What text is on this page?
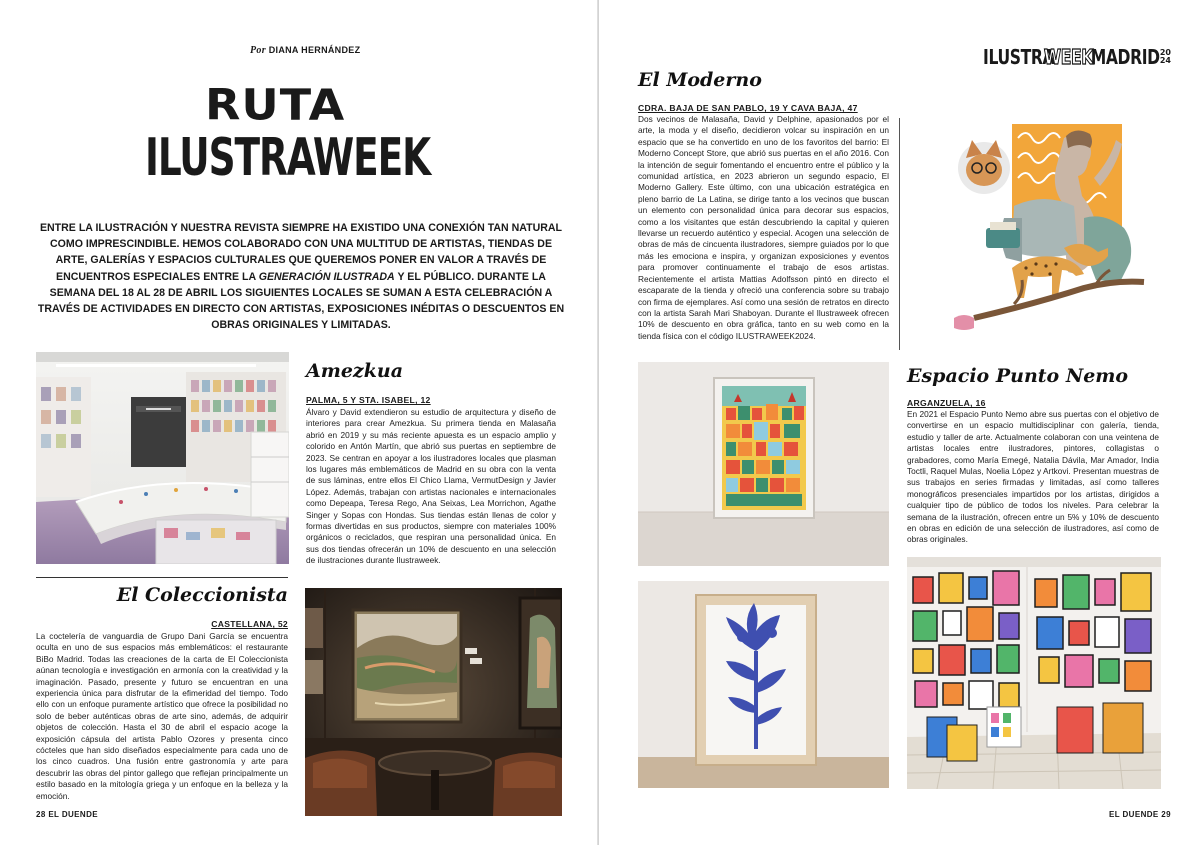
Por DIANA HERNÁNDEZ
RUTA
ILUSTRAWEEK
ENTRE LA ILUSTRACIÓN Y NUESTRA REVISTA SIEMPRE HA EXISTIDO UNA CONEXIÓN TAN NATURAL COMO IMPRESCINDIBLE. HEMOS COLABORADO CON UNA MULTITUD DE ARTISTAS, TIENDAS DE ARTE, GALERÍAS Y ESPACIOS CULTURALES QUE QUEREMOS PONER EN VALOR A TRAVÉS DE ENCUENTROS ESPECIALES ENTRE LA GENERACIÓN ILUSTRADA Y EL PÚBLICO. DURANTE LA SEMANA DEL 18 AL 28 DE ABRIL LOS SIGUIENTES LOCALES SE SUMAN A ESTA CELEBRACIÓN A TRAVÉS DE ACTIVIDADES EN DIRECTO CON ARTISTAS, EXPOSICIONES INÉDITAS O DESCUENTOS EN OBRAS ORIGINALES Y LIMITADAS.
Amezkua
PALMA, 5 Y STA. ISABEL, 12
Álvaro y David extendieron su estudio de arquitectura y diseño de interiores para crear Amezkua. Su primera tienda en Malasaña abrió en 2019 y su más reciente apuesta es un espacio amplio y colorido en Antón Martín, que abrió sus puertas en septiembre de 2023. Se centran en apoyar a los ilustradores locales que plasman los lugares más emblemáticos de Madrid en su obra con la venta de sus láminas, entre ellos El Chico Llama, VermutDesign y Javier López. Además, trabajan con artistas nacionales e internacionales como Depeapa, Teresa Rego, Ana Seixas, Lea Morrichon, Agathe Singer y Sopas con Hondas. Sus tiendas están llenas de color y formas divertidas en sus productos, siempre con materiales 100% orgánicos o reciclados, que respiran una personalidad única. En sus dos tiendas ofrecerán un 10% de descuento en una selección de ilustraciones durante Ilustraweek.
El Coleccionista
CASTELLANA, 52
La coctelería de vanguardia de Grupo Dani García se encuentra oculta en uno de sus espacios más emblemáticos: el restaurante BiBo Madrid. Todas las creaciones de la carta de El Coleccionista aúnan tecnología e investigación en armonía con la creatividad y la imaginación. Pasado, presente y futuro se encuentran en una experiencia única para disfrutar de la efimeridad del tiempo. Todo ello con un enfoque puramente artístico que ofrece la posibilidad no solo de beber auténticas obras de arte sino, además, de adquirir objetos de colección. Hasta el 30 de abril el espacio acoge la exposición cápsula del artista Pablo Ozores y presenta cinco cócteles que han sido diseñados especialmente para cada uno de los cinco cuadros. Una fusión entre gastronomía y arte para descubrir las obras del pintor gallego que reflejan principalmente un estilo basado en la mitología griega y un enfoque en la belleza y la emoción.
28 EL DUENDE
ILUSTRA
WEEK
MADRID 20
24
El Moderno
CDRA. BAJA DE SAN PABLO, 19 Y CAVA BAJA, 47
Dos vecinos de Malasaña, David y Delphine, apasionados por el arte, la moda y el diseño, decidieron volcar su inspiración en un espacio que se ha convertido en uno de los favoritos del barrio: El Moderno Concept Store, que abrió sus puertas en el año 2016. Con la intención de seguir fomentando el encuentro entre el público y la comunidad artística, en 2023 abrieron un segundo espacio, El Moderno Gallery. Este último, con una ubicación estratégica en pleno barrio de La Latina, se dirige tanto a los vecinos que buscan un elemento con personalidad única para decorar sus espacios, como a los visitantes que están descubriendo la capital y quieren llevarse un recuerdo auténtico y especial. Acogen una selección de obras de más de cincuenta ilustradores, siempre guiados por lo que más les emociona e inspira, y organizan exposiciones y eventos para promover continuamente el trabajo de esos artistas. Recientemente el artista Mattias Adolfsson pintó en directo el escaparate de la tienda y ofreció una conferencia sobre su trabajo con firma de ejemplares. Así como una sesión de retratos en directo con la artista Sarah Mari Shaboyan. Durante el Ilustraweek ofrecen 10% de descuento en obra gráfica, tanto en su web como en la tienda física con el código ILUSTRAWEEK2024.
Espacio Punto Nemo
ARGANZUELA, 16
En 2021 el Espacio Punto Nemo abre sus puertas con el objetivo de convertirse en un espacio multidisciplinar con galería, tienda, estudio y taller de arte. Actualmente colaboran con una veintena de artistas locales entre ilustradores, pintores, collagistas o grabadores, como María Emegé, Natalia Dávila, Mar Amador, India Toctli, Raquel Mulas, Noelia López y Artkovi. Presentan muestras de sus trabajos en series firmadas y limitadas, así como talleres monográficos presenciales impartidos por los artistas, dirigidos a cualquier tipo de público de todos los niveles. Para celebrar la semana de la ilustración, ofrecen entre un 5% y 10% de descuento en obras en edición de una selección de ilustradores, así como de obras originales.
EL DUENDE 29
